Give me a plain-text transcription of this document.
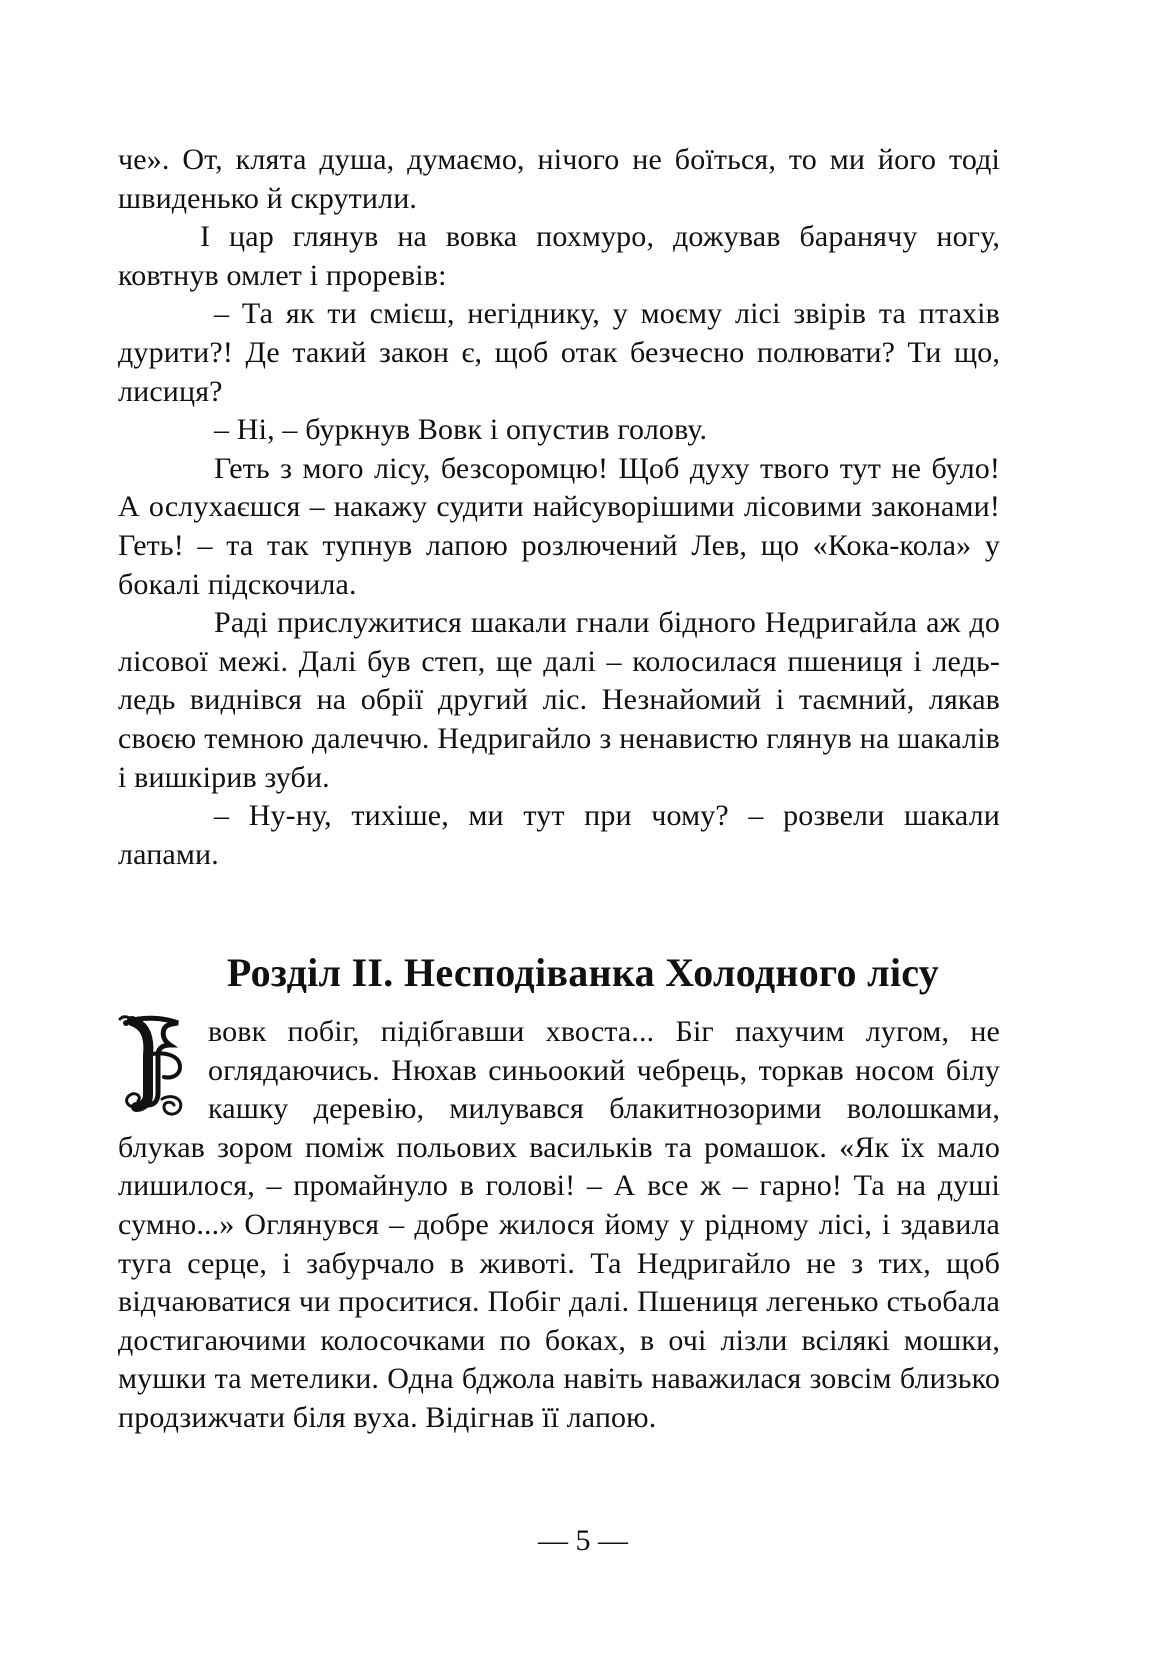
че». От, клята душа, думаємо, нічого не боїться, то ми його тоді швиденько й скрутили.

І цар глянув на вовка похмуро, дожував баранячу ногу, ковтнув омлет і проревів:

– Та як ти смієш, негіднику, у моєму лісі звірів та птахів дурити?! Де такий закон є, щоб отак безчесно полювати? Ти що, лисиця?

– Ні, – буркнув Вовк і опустив голову.

Геть з мого лісу, безсоромцю! Щоб духу твого тут не було! А ослухаєшся – накажу судити найсуворішими лісовими законами! Геть! – та так тупнув лапою розлючений Лев, що «Кока-кола» у бокалі підскочила.

Раді прислужитися шакали гнали бідного Недригайла аж до лісової межі. Далі був степ, ще далі – колосилася пшениця і ледь-ледь виднівся на обрії другий ліс. Незнайомий і таємний, лякав своєю темною далеччю. Недригайло з ненавистю глянув на шакалів і вишкірив зуби.

– Ну-ну, тихіше, ми тут при чому? – розвели шакали лапами.

Розділ ІІ. Несподіванка Холодного лісу

вовк побіг, підібгавши хвоста... Біг пахучим лугом, не оглядаючись. Нюхав синьоокий чебрець, торкав носом білу кашку деревію, милувався блакитнозорими волошками, блукав зором поміж польових васильків та ромашок. «Як їх мало лишилося, – промайнуло в голові! – А все ж – гарно! Та на душі сумно...» Оглянувся – добре жилося йому у рідному лісі, і здавила туга серце, і забурчало в животі. Та Недригайло не з тих, щоб відчаюватися чи проситися. Побіг далі. Пшениця легенько стьобала достигаючими колосочками по боках, в очі лізли всілякі мошки, мушки та метелики. Одна бджола навіть наважилася зовсім близько продзижчати біля вуха. Відігнав її лапою.

— 5 —
